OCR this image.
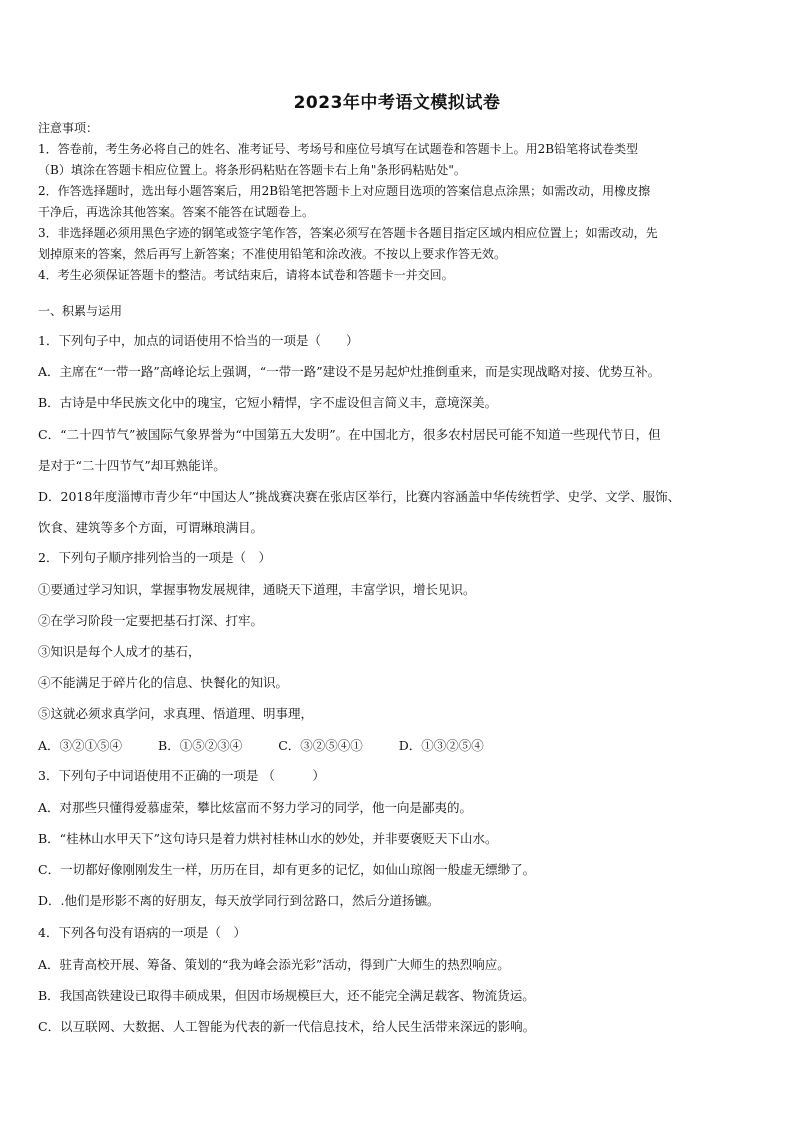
2023年中考语文模拟试卷

注意事项：

1．答卷前，考生务必将自己的姓名、准考证号、考场号和座位号填写在试题卷和答题卡上。用2B铅笔将试卷类型

（B）填涂在答题卡相应位置上。将条形码粘贴在答题卡右上角"条形码粘贴处"。

2．作答选择题时，选出每小题答案后，用2B铅笔把答题卡上对应题目选项的答案信息点涂黑；如需改动，用橡皮擦

干净后，再选涂其他答案。答案不能答在试题卷上。

3．非选择题必须用黑色字迹的钢笔或签字笔作答，答案必须写在答题卡各题目指定区域内相应位置上；如需改动，先

划掉原来的答案，然后再写上新答案；不准使用铅笔和涂改液。不按以上要求作答无效。

4．考生必须保证答题卡的整洁。考试结束后，请将本试卷和答题卡一并交回。

一、积累与运用
1．下列句子中，加点的词语使用不恰当的一项是（　　）
A．主席在“一带一路”高峰论坛上强调，“一带一路”建设不是另起炉灶推倒重来，而是实现战略对接、优势互补。
B．古诗是中华民族文化中的瑰宝，它短小精悍，字不虚设但言简义丰，意境深美。
C．“二十四节气”被国际气象界誉为“中国第五大发明”。在中国北方，很多农村居民可能不知道一些现代节日，但
是对于“二十四节气”却耳熟能详。
D．2018年度淄博市青少年“中国达人”挑战赛决赛在张店区举行，比赛内容涵盖中华传统哲学、史学、文学、服饰、
饮食、建筑等多个方面，可谓琳琅满目。
2．下列句子顺序排列恰当的一项是（　）
①要通过学习知识，掌握事物发展规律，通晓天下道理，丰富学识，增长见识。
②在学习阶段一定要把基石打深、打牢。
③知识是每个人成才的基石，
④不能满足于碎片化的信息、快餐化的知识。
⑤这就必须求真学问，求真理、悟道理、明事理，
A．③②①⑤④	B．①⑤②③④	C．③②⑤④①	D．①③②⑤④
3．下列句子中词语使用不正确的一项是 （　　　）
A．对那些只懂得爱慕虚荣，攀比炫富而不努力学习的同学，他一向是鄙夷的。
B．“桂林山水甲天下”这句诗只是着力烘衬桂林山水的妙处，并非要褒贬天下山水。
C．一切都好像刚刚发生一样，历历在目，却有更多的记忆，如仙山琼阁一般虚无缥缈了。
D．.他们是形影不离的好朋友，每天放学同行到岔路口，然后分道扬镳。
4．下列各句没有语病的一项是（　）
A．驻青高校开展、筹备、策划的“我为峰会添光彩”活动，得到广大师生的热烈响应。
B．我国高铁建设已取得丰硕成果，但因市场规模巨大，还不能完全满足载客、物流货运。
C．以互联网、大数据、人工智能为代表的新一代信息技术，给人民生活带来深远的影响。
